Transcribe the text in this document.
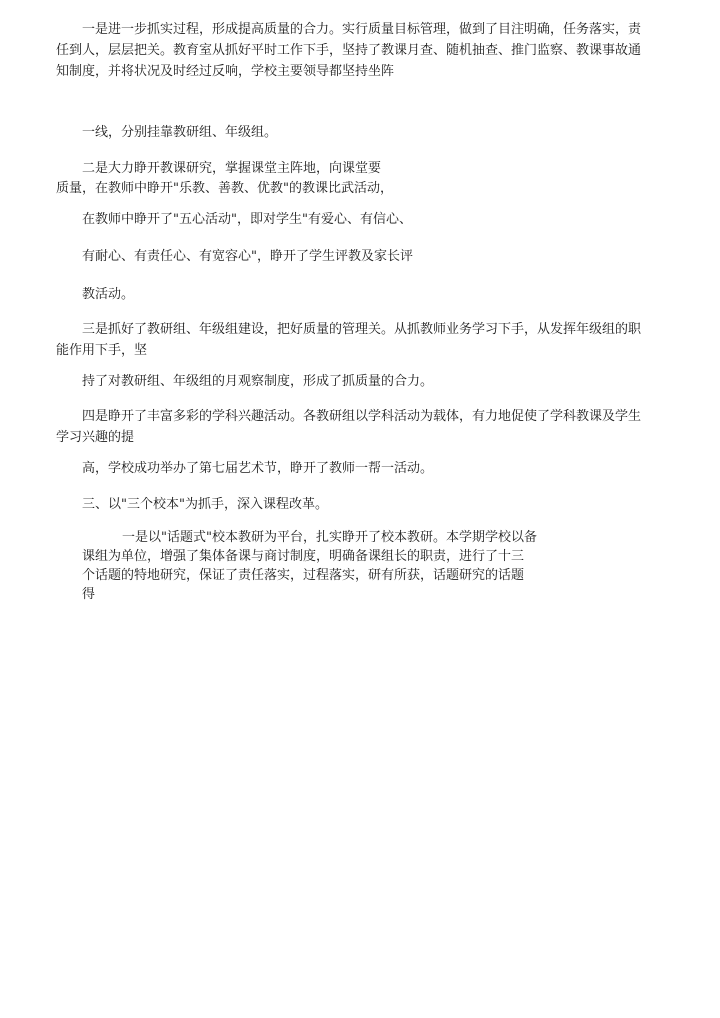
一是进一步抓实过程，形成提高质量的合力。实行质量目标管理，做到了目注明确，任务落实，责
任到人，层层把关。教育室从抓好平时工作下手，坚持了教课月查、随机抽查、推门监察、教课事故通
知制度，并将状况及时经过反响，学校主要领导都坚持坐阵
一线，分别挂靠教研组、年级组。
二是大力睁开教课研究，掌握课堂主阵地，向课堂要
质量，在教师中睁开"乐教、善教、优教"的教课比武活动，
在教师中睁开了"五心活动"，即对学生"有爱心、有信心、
有耐心、有责任心、有宽容心"，睁开了学生评教及家长评
教活动。
三是抓好了教研组、年级组建设，把好质量的管理关。从抓教师业务学习下手，从发挥年级组的职
能作用下手，坚
持了对教研组、年级组的月观察制度，形成了抓质量的合力。
四是睁开了丰富多彩的学科兴趣活动。各教研组以学科活动为载体，有力地促使了学科教课及学生
学习兴趣的提
高，学校成功举办了第七届艺术节，睁开了教师一帮一活动。
三、以"三个校本"为抓手，深入课程改革。
一是以"话题式"校本教研为平台，扎实睁开了校本教研。本学期学校以备
课组为单位，增强了集体备课与商讨制度，明确备课组长的职责，进行了十三
个话题的特地研究，保证了责任落实，过程落实，研有所获，话题研究的话题
得
